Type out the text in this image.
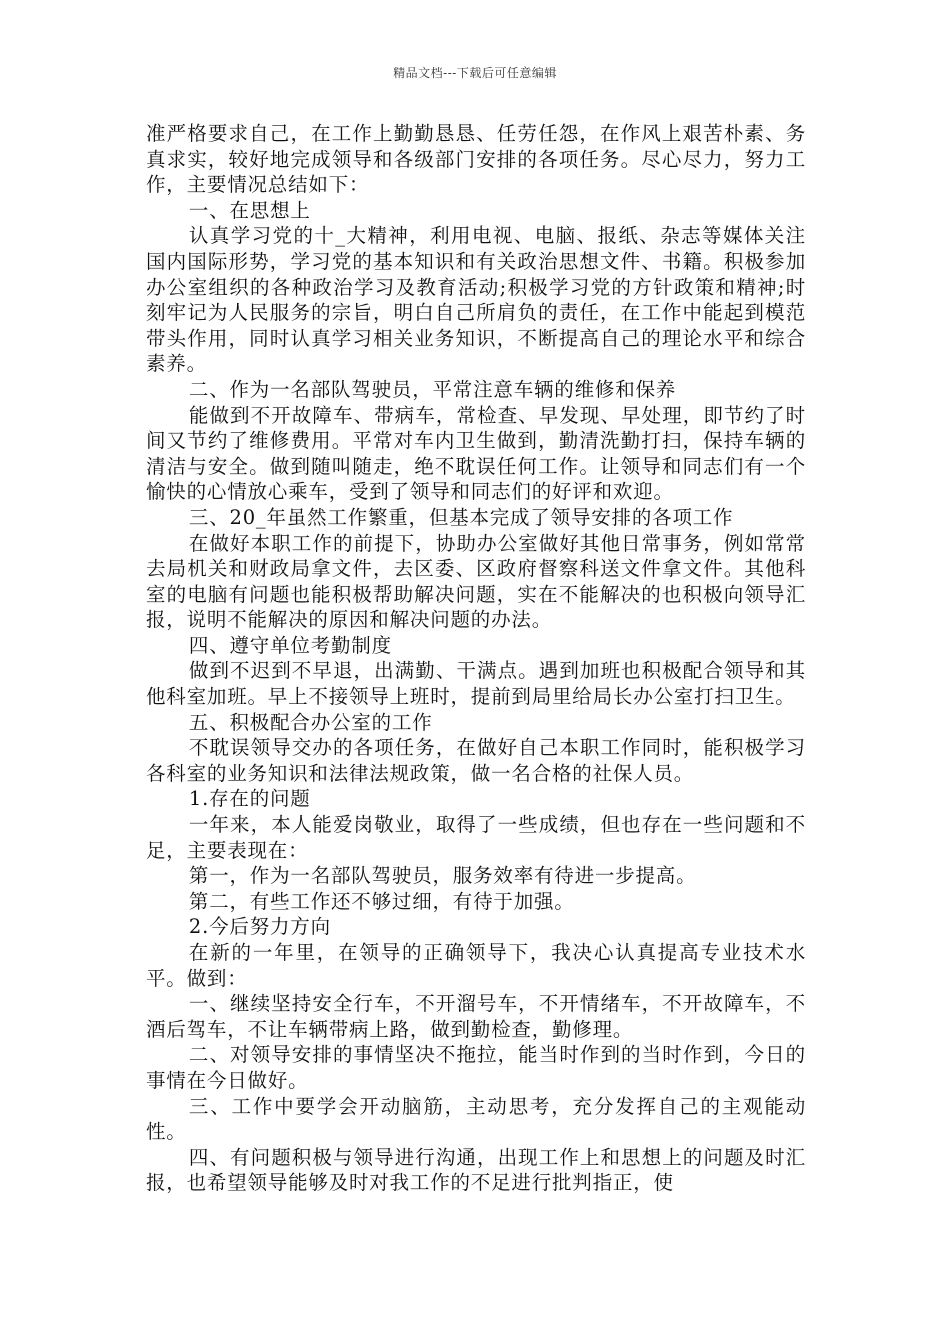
精品文档---下载后可任意编辑

准严格要求自己，在工作上勤勤恳恳、任劳任怨，在作风上艰苦朴素、务真求实，较好地完成领导和各级部门安排的各项任务。尽心尽力，努力工作，主要情况总结如下：

一、在思想上

认真学习党的十_大精神，利用电视、电脑、报纸、杂志等媒体关注国内国际形势，学习党的基本知识和有关政治思想文件、书籍。积极参加办公室组织的各种政治学习及教育活动;积极学习党的方针政策和精神;时刻牢记为人民服务的宗旨，明白自己所肩负的责任，在工作中能起到模范带头作用，同时认真学习相关业务知识，不断提高自己的理论水平和综合素养。

二、作为一名部队驾驶员，平常注意车辆的维修和保养

能做到不开故障车、带病车，常检查、早发现、早处理，即节约了时间又节约了维修费用。平常对车内卫生做到，勤清洗勤打扫，保持车辆的清洁与安全。做到随叫随走，绝不耽误任何工作。让领导和同志们有一个愉快的心情放心乘车，受到了领导和同志们的好评和欢迎。

三、20_年虽然工作繁重，但基本完成了领导安排的各项工作

在做好本职工作的前提下，协助办公室做好其他日常事务，例如常常去局机关和财政局拿文件，去区委、区政府督察科送文件拿文件。其他科室的电脑有问题也能积极帮助解决问题，实在不能解决的也积极向领导汇报，说明不能解决的原因和解决问题的办法。

四、遵守单位考勤制度

做到不迟到不早退，出满勤、干满点。遇到加班也积极配合领导和其他科室加班。早上不接领导上班时，提前到局里给局长办公室打扫卫生。

五、积极配合办公室的工作

不耽误领导交办的各项任务，在做好自己本职工作同时，能积极学习各科室的业务知识和法律法规政策，做一名合格的社保人员。

1.存在的问题

一年来，本人能爱岗敬业，取得了一些成绩，但也存在一些问题和不足，主要表现在：

第一，作为一名部队驾驶员，服务效率有待进一步提高。

第二，有些工作还不够过细，有待于加强。

2.今后努力方向

在新的一年里，在领导的正确领导下，我决心认真提高专业技术水平。做到：

一、继续坚持安全行车，不开溜号车，不开情绪车，不开故障车，不酒后驾车，不让车辆带病上路，做到勤检查，勤修理。

二、对领导安排的事情坚决不拖拉，能当时作到的当时作到，今日的事情在今日做好。

三、工作中要学会开动脑筋，主动思考，充分发挥自己的主观能动性。

四、有问题积极与领导进行沟通，出现工作上和思想上的问题及时汇报，也希望领导能够及时对我工作的不足进行批判指正，使
